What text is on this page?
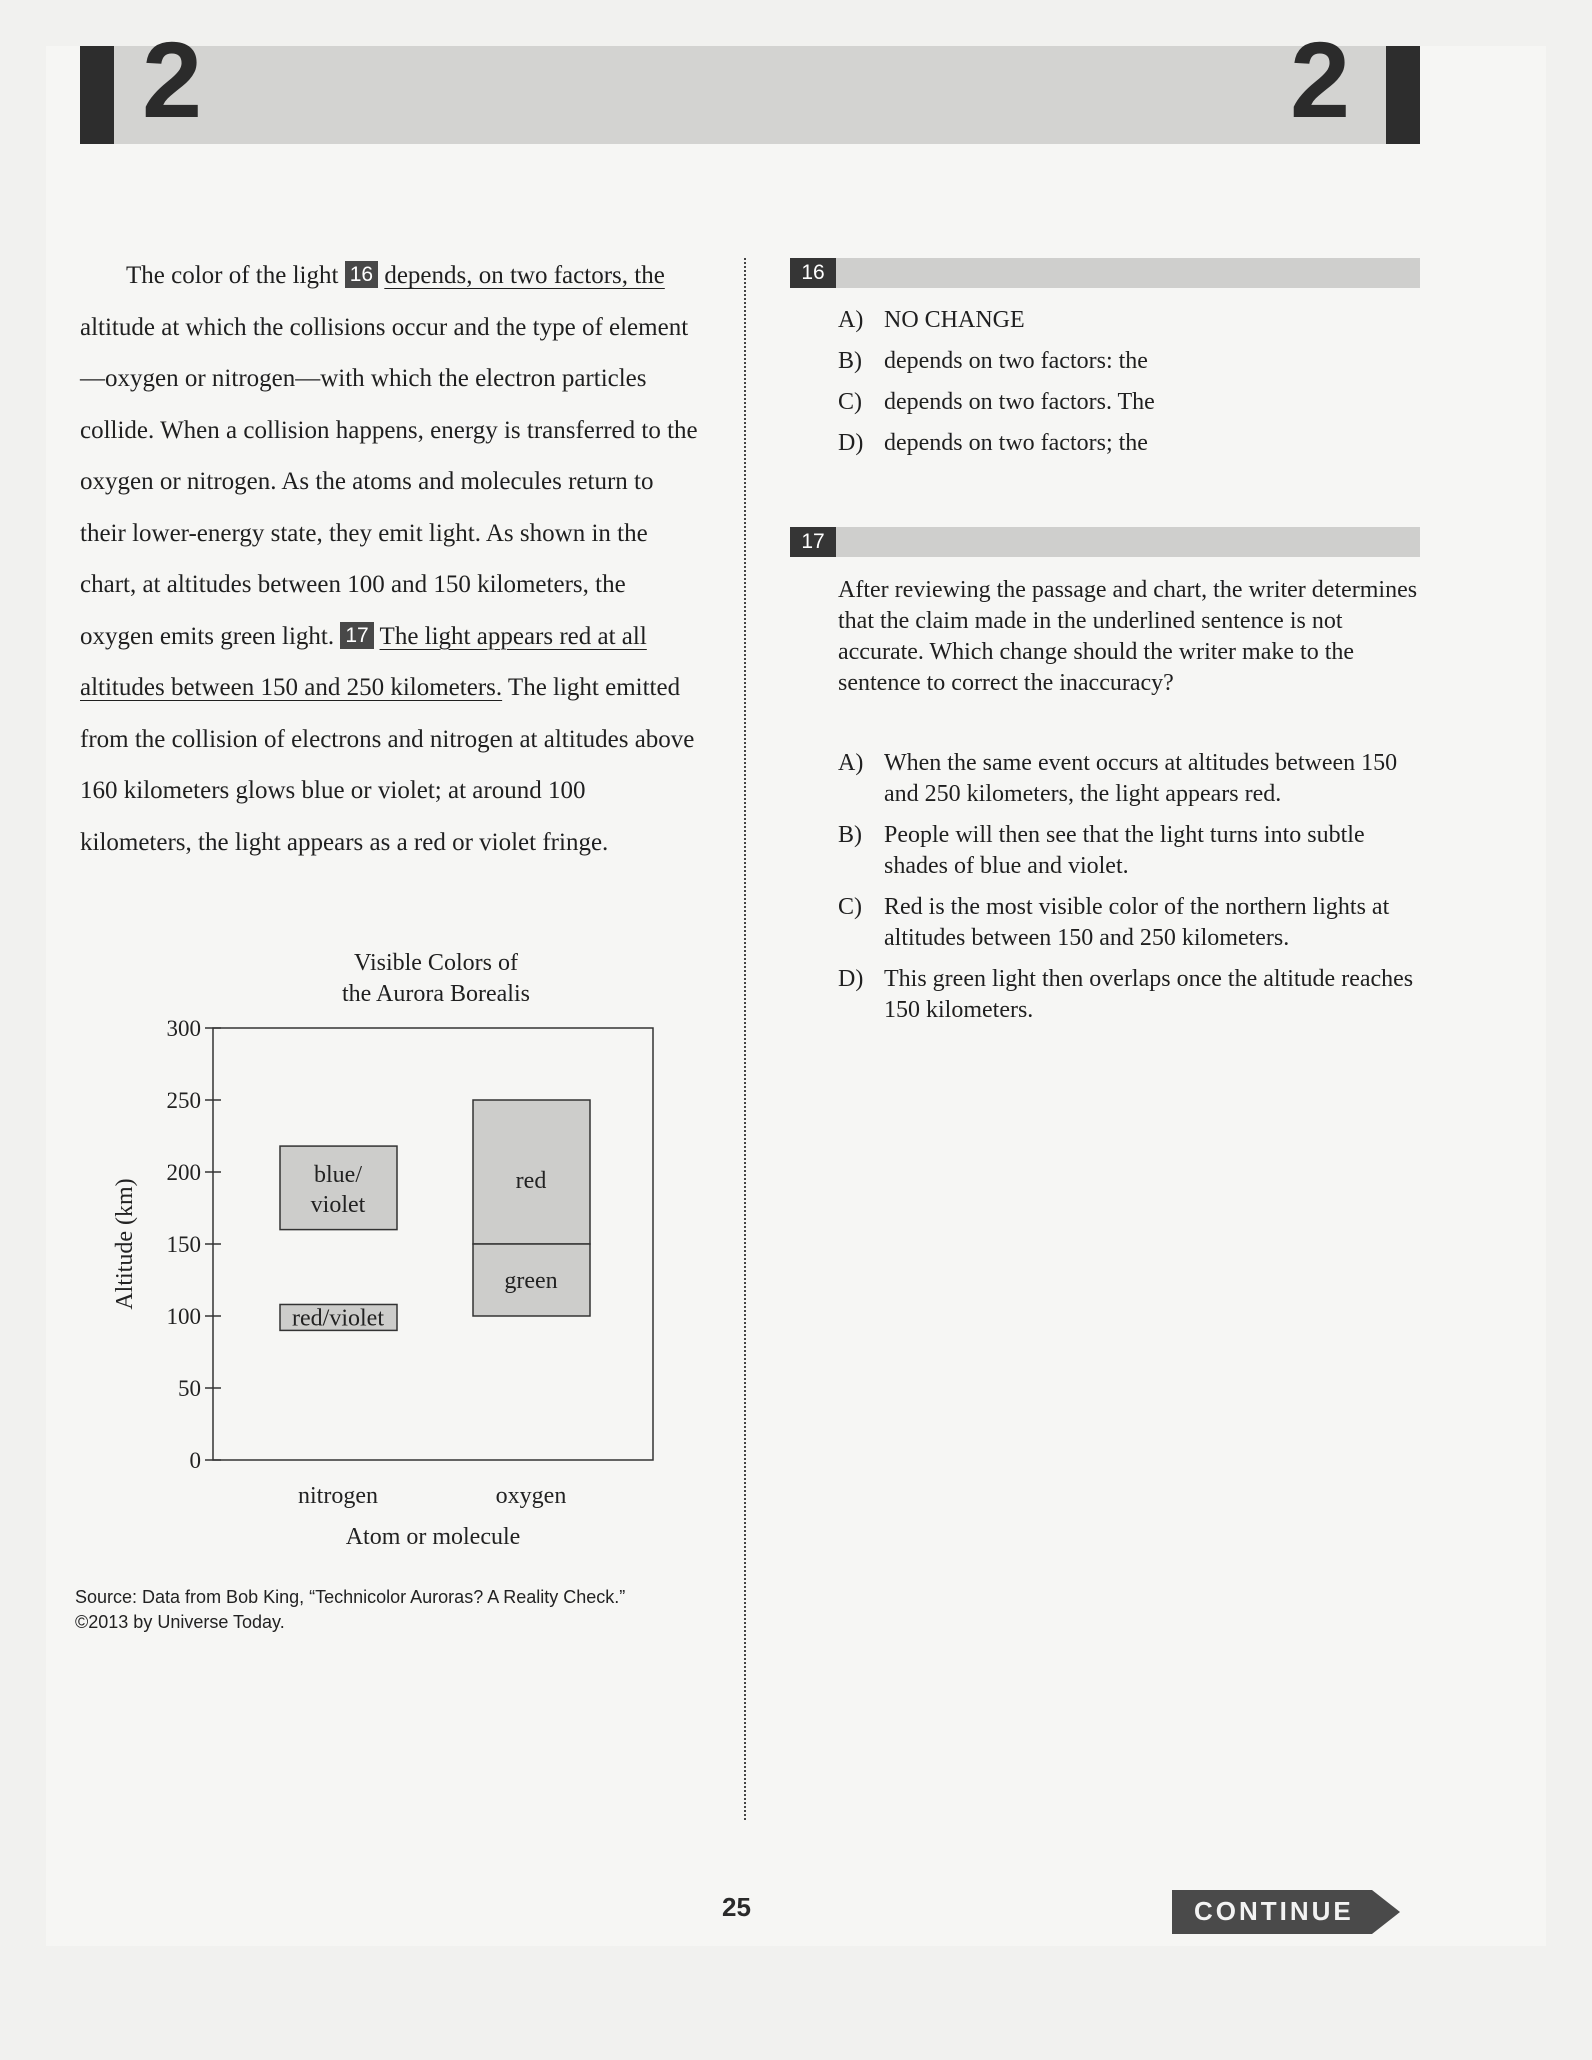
2	2

The color of the light 16 depends, on two factors, the altitude at which the collisions occur and the type of element—oxygen or nitrogen—with which the electron particles collide. When a collision happens, energy is transferred to the oxygen or nitrogen. As the atoms and molecules return to their lower-energy state, they emit light. As shown in the chart, at altitudes between 100 and 150 kilometers, the oxygen emits green light. 17 The light appears red at all altitudes between 150 and 250 kilometers. The light emitted from the collision of electrons and nitrogen at altitudes above 160 kilometers glows blue or violet; at around 100 kilometers, the light appears as a red or violet fringe.

Visible Colors of
the Aurora Borealis
0
50
100
150
200
250
300
blue/
violet
red/violet
red
green
nitrogen	oxygen
Atom or molecule
Altitude (km)
Source: Data from Bob King, “Technicolor Auroras? A Reality Check.”
©2013 by Universe Today.
16
A) NO CHANGE
B) depends on two factors: the
C) depends on two factors. The
D) depends on two factors; the
17
After reviewing the passage and chart, the writer determines that the claim made in the underlined sentence is not accurate. Which change should the writer make to the sentence to correct the inaccuracy?
A) When the same event occurs at altitudes between 150 and 250 kilometers, the light appears red.
B) People will then see that the light turns into subtle shades of blue and violet.
C) Red is the most visible color of the northern lights at altitudes between 150 and 250 kilometers.
D) This green light then overlaps once the altitude reaches 150 kilometers.
25	CONTINUE
